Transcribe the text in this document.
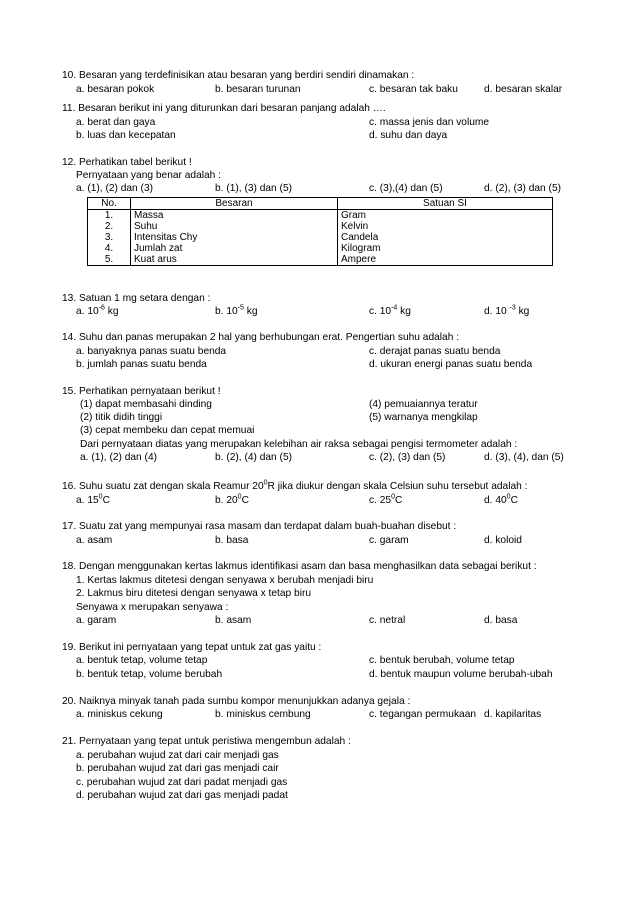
10. Besaran yang terdefinisikan atau besaran yang berdiri sendiri dinamakan :
a. besaran pokok	b. besaran turunan	c. besaran tak baku	d. besaran skalar
11. Besaran berikut ini yang diturunkan dari besaran panjang adalah ….
a. berat dan gaya	c. massa jenis dan volume
b. luas dan kecepatan	d. suhu dan daya
12. Perhatikan tabel berikut !
Pernyataan yang benar adalah :
a. (1), (2) dan (3)	b. (1), (3) dan (5)	c. (3),(4) dan (5)	d. (2), (3) dan (5)
No.	Besaran	Satuan SI
1.	Massa	Gram
2.	Suhu	Kelvin
3.	Intensitas Chy	Candela
4.	Jumlah zat	Kilogram
5.	Kuat arus	Ampere
13. Satuan 1 mg setara dengan :
a. $10^{-6}$ kg	b. $10^{-5}$ kg	c. $10^{-4}$ kg	d. 10 $^{-3}$ kg
14. Suhu dan panas merupakan 2 hal yang berhubungan erat. Pengertian suhu adalah :
a. banyaknya panas suatu benda	c. derajat panas suatu benda
b. jumlah panas suatu benda	d. ukuran energi panas suatu benda
15. Perhatikan pernyataan berikut !
(1) dapat membasahi dinding	(4) pemuaiannya teratur
(2) titik didih tinggi	(5) warnanya mengkilap
(3) cepat membeku dan cepat memuai
Dari pernyataan diatas yang merupakan kelebihan air raksa sebagai pengisi termometer adalah :
a. (1), (2) dan (4)	b. (2), (4) dan (5)	c. (2), (3) dan (5)	d. (3), (4), dan (5)
16. Suhu suatu zat dengan skala Reamur $20^0R$ jika diukur dengan skala Celsiun suhu tersebut adalah :
a. $15^0C$	b. $20^0C$	c. $25^0C$	d. $40^0C$
17. Suatu zat yang mempunyai rasa masam dan terdapat dalam buah-buahan disebut :
a. asam	b. basa	c. garam	d. koloid
18. Dengan menggunakan kertas lakmus identifikasi asam dan basa menghasilkan data sebagai berikut :
1. Kertas lakmus ditetesi dengan senyawa x berubah menjadi biru
2. Lakmus biru ditetesi dengan senyawa x tetap biru
Senyawa x merupakan senyawa :
a. garam	b. asam	c. netral	d. basa
19. Berikut ini pernyataan yang tepat untuk zat gas yaitu :
a. bentuk tetap, volume tetap	c. bentuk berubah, volume tetap
b. bentuk tetap, volume berubah	d. bentuk maupun volume berubah-ubah
20. Naiknya minyak tanah pada sumbu kompor menunjukkan adanya gejala :
a. miniskus cekung	b. miniskus cembung	c. tegangan permukaan d. kapilaritas
21. Pernyataan yang tepat untuk peristiwa mengembun adalah :
a. perubahan wujud zat dari cair menjadi gas
b. perubahan wujud zat dari gas menjadi cair
c. perubahan wujud zat dari padat menjadi gas
d. perubahan wujud zat dari gas menjadi padat
